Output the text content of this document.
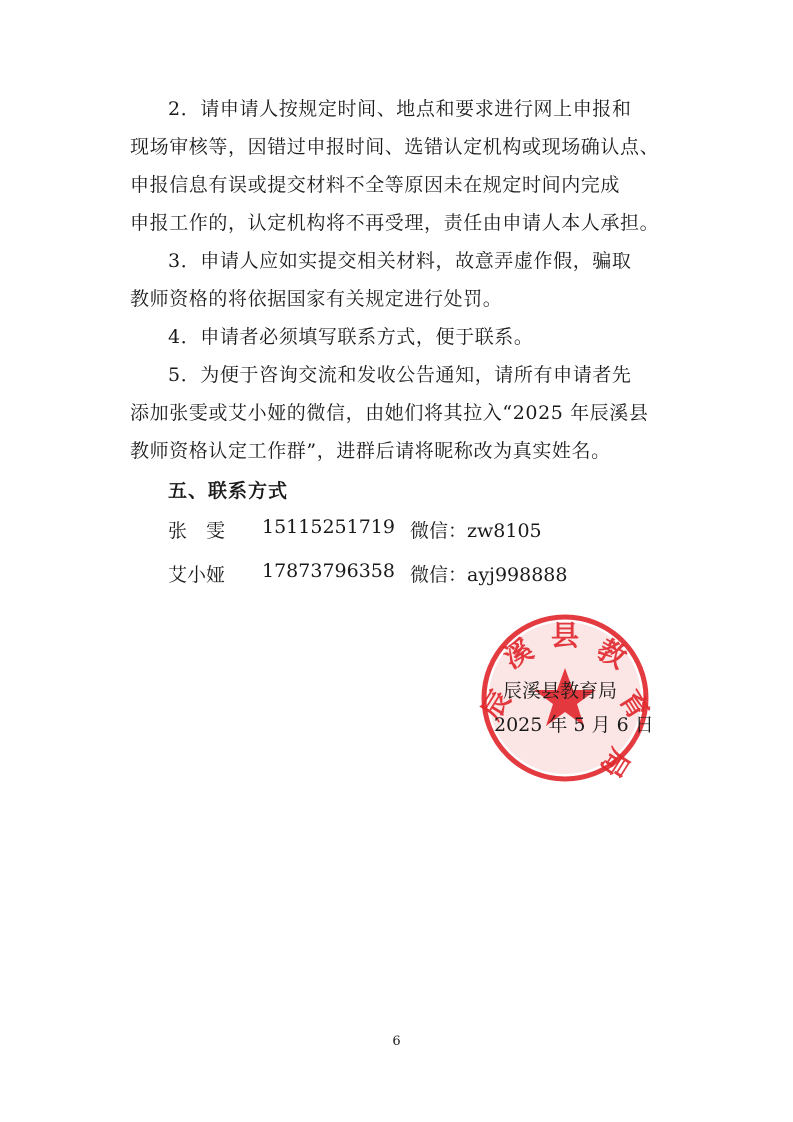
2．请申请人按规定时间、地点和要求进行网上申报和
现场审核等，因错过申报时间、选错认定机构或现场确认点、
申报信息有误或提交材料不全等原因未在规定时间内完成
申报工作的，认定机构将不再受理，责任由申请人本人承担。
3．申请人应如实提交相关材料，故意弄虚作假，骗取
教师资格的将依据国家有关规定进行处罚。
4．申请者必须填写联系方式，便于联系。
5．为便于咨询交流和发收公告通知，请所有申请者先
添加张雯或艾小娅的微信，由她们将其拉入“2025 年辰溪县
教师资格认定工作群”，进群后请将昵称改为真实姓名。
五、联系方式
张　雯 15115251719 微信：zw8105
艾小娅 17873796358 微信：ayj998888
辰
溪 县 教
育
局
辰溪县教育局
2025 年 5 月 6 日
6
